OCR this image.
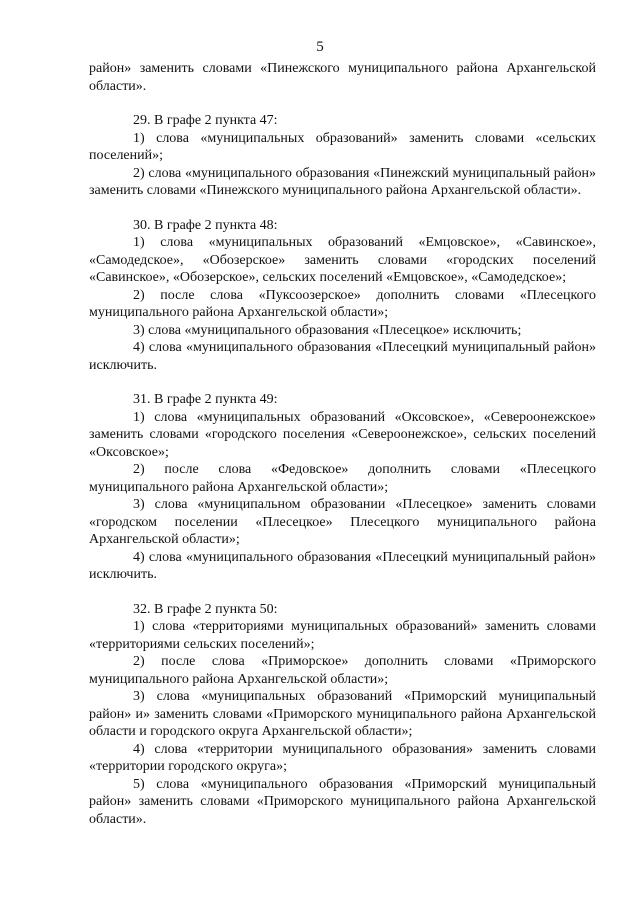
5

район» заменить словами «Пинежского муниципального района Архангельской области».

29. В графе 2 пункта 47:

1) слова «муниципальных образований» заменить словами «сельских поселений»;

2) слова «муниципального образования «Пинежский муниципальный район» заменить словами «Пинежского муниципального района Архангельской области».

30. В графе 2 пункта 48:

1) слова «муниципальных образований «Емцовское», «Савинское», «Самодедское», «Обозерское» заменить словами «городских поселений «Савинское», «Обозерское», сельских поселений «Емцовское», «Самодедское»;

2) после слова «Пуксоозерское» дополнить словами «Плесецкого муниципального района Архангельской области»;

3) слова «муниципального образования «Плесецкое» исключить;

4) слова «муниципального образования «Плесецкий муниципальный район» исключить.

31. В графе 2 пункта 49:

1) слова «муниципальных образований «Оксовское», «Североонежское» заменить словами «городского поселения «Североонежское», сельских поселений «Оксовское»;

2) после слова «Федовское» дополнить словами «Плесецкого муниципального района Архангельской области»;

3) слова «муниципальном образовании «Плесецкое» заменить словами «городском поселении «Плесецкое» Плесецкого муниципального района Архангельской области»;

4) слова «муниципального образования «Плесецкий муниципальный район» исключить.

32. В графе 2 пункта 50:

1) слова «территориями муниципальных образований» заменить словами «территориями сельских поселений»;

2) после слова «Приморское» дополнить словами «Приморского муниципального района Архангельской области»;

3) слова «муниципальных образований «Приморский муниципальный район» и» заменить словами «Приморского муниципального района Архангельской области и городского округа Архангельской области»;

4) слова «территории муниципального образования» заменить словами «территории городского округа»;

5) слова «муниципального образования «Приморский муниципальный район» заменить словами «Приморского муниципального района Архангельской области».
